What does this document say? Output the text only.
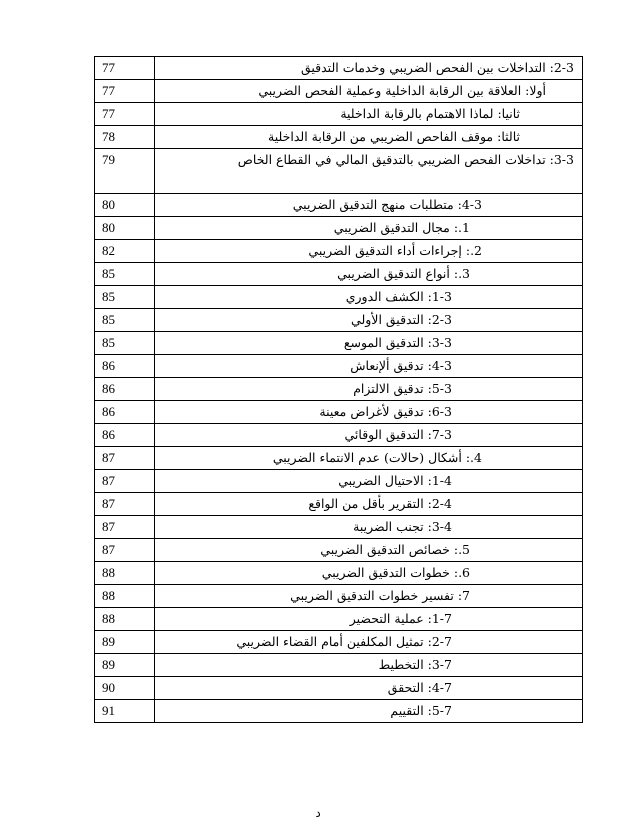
77	2-3: التداخلات بين الفحص الضريبي وخدمات التدقيق

77	أولا: العلاقة بين الرقابة الداخلية وعملية الفحص الضريبي

77	ثانيا: لماذا الاهتمام بالرقابة الداخلية

78	ثالثا: موقف الفاحص الضريبي من الرقابة الداخلية

79	3-3: تداخلات الفحص الضريبي بالتدقيق المالي في القطاع الخاص

80	4-3: متطلبات منهج التدقيق الضريبي

80	1.: مجال التدقيق الضريبي

82	2.: إجراءات أداء التدقيق الضريبي

85	3.: أنواع التدقيق الضريبي

85	1-3: الكشف الدوري

85	2-3: التدقيق الأولي

85	3-3: التدقيق الموسع

86	4-3: تدقيق ألإنعاش

86	5-3: تدقيق الالتزام

86	6-3: تدقيق لأغراض معينة

86	7-3: التدقيق الوقائي

87	4.: أشكال (حالات) عدم الانتماء الضريبي

87	1-4: الاحتيال الضريبي

87	2-4: التقرير بأقل من الواقع

87	3-4: تجنب الضريبة

87	5.: خصائص التدقيق الضريبي

88	6.: خطوات التدقيق الضريبي

88	7: تفسير خطوات التدقيق الضريبي

88	1-7: عملية التحضير

89	2-7: تمثيل المكلفين أمام القضاء الضريبي

89	3-7: التخطيط

90	4-7: التحقق

91	5-7: التقييم
د
